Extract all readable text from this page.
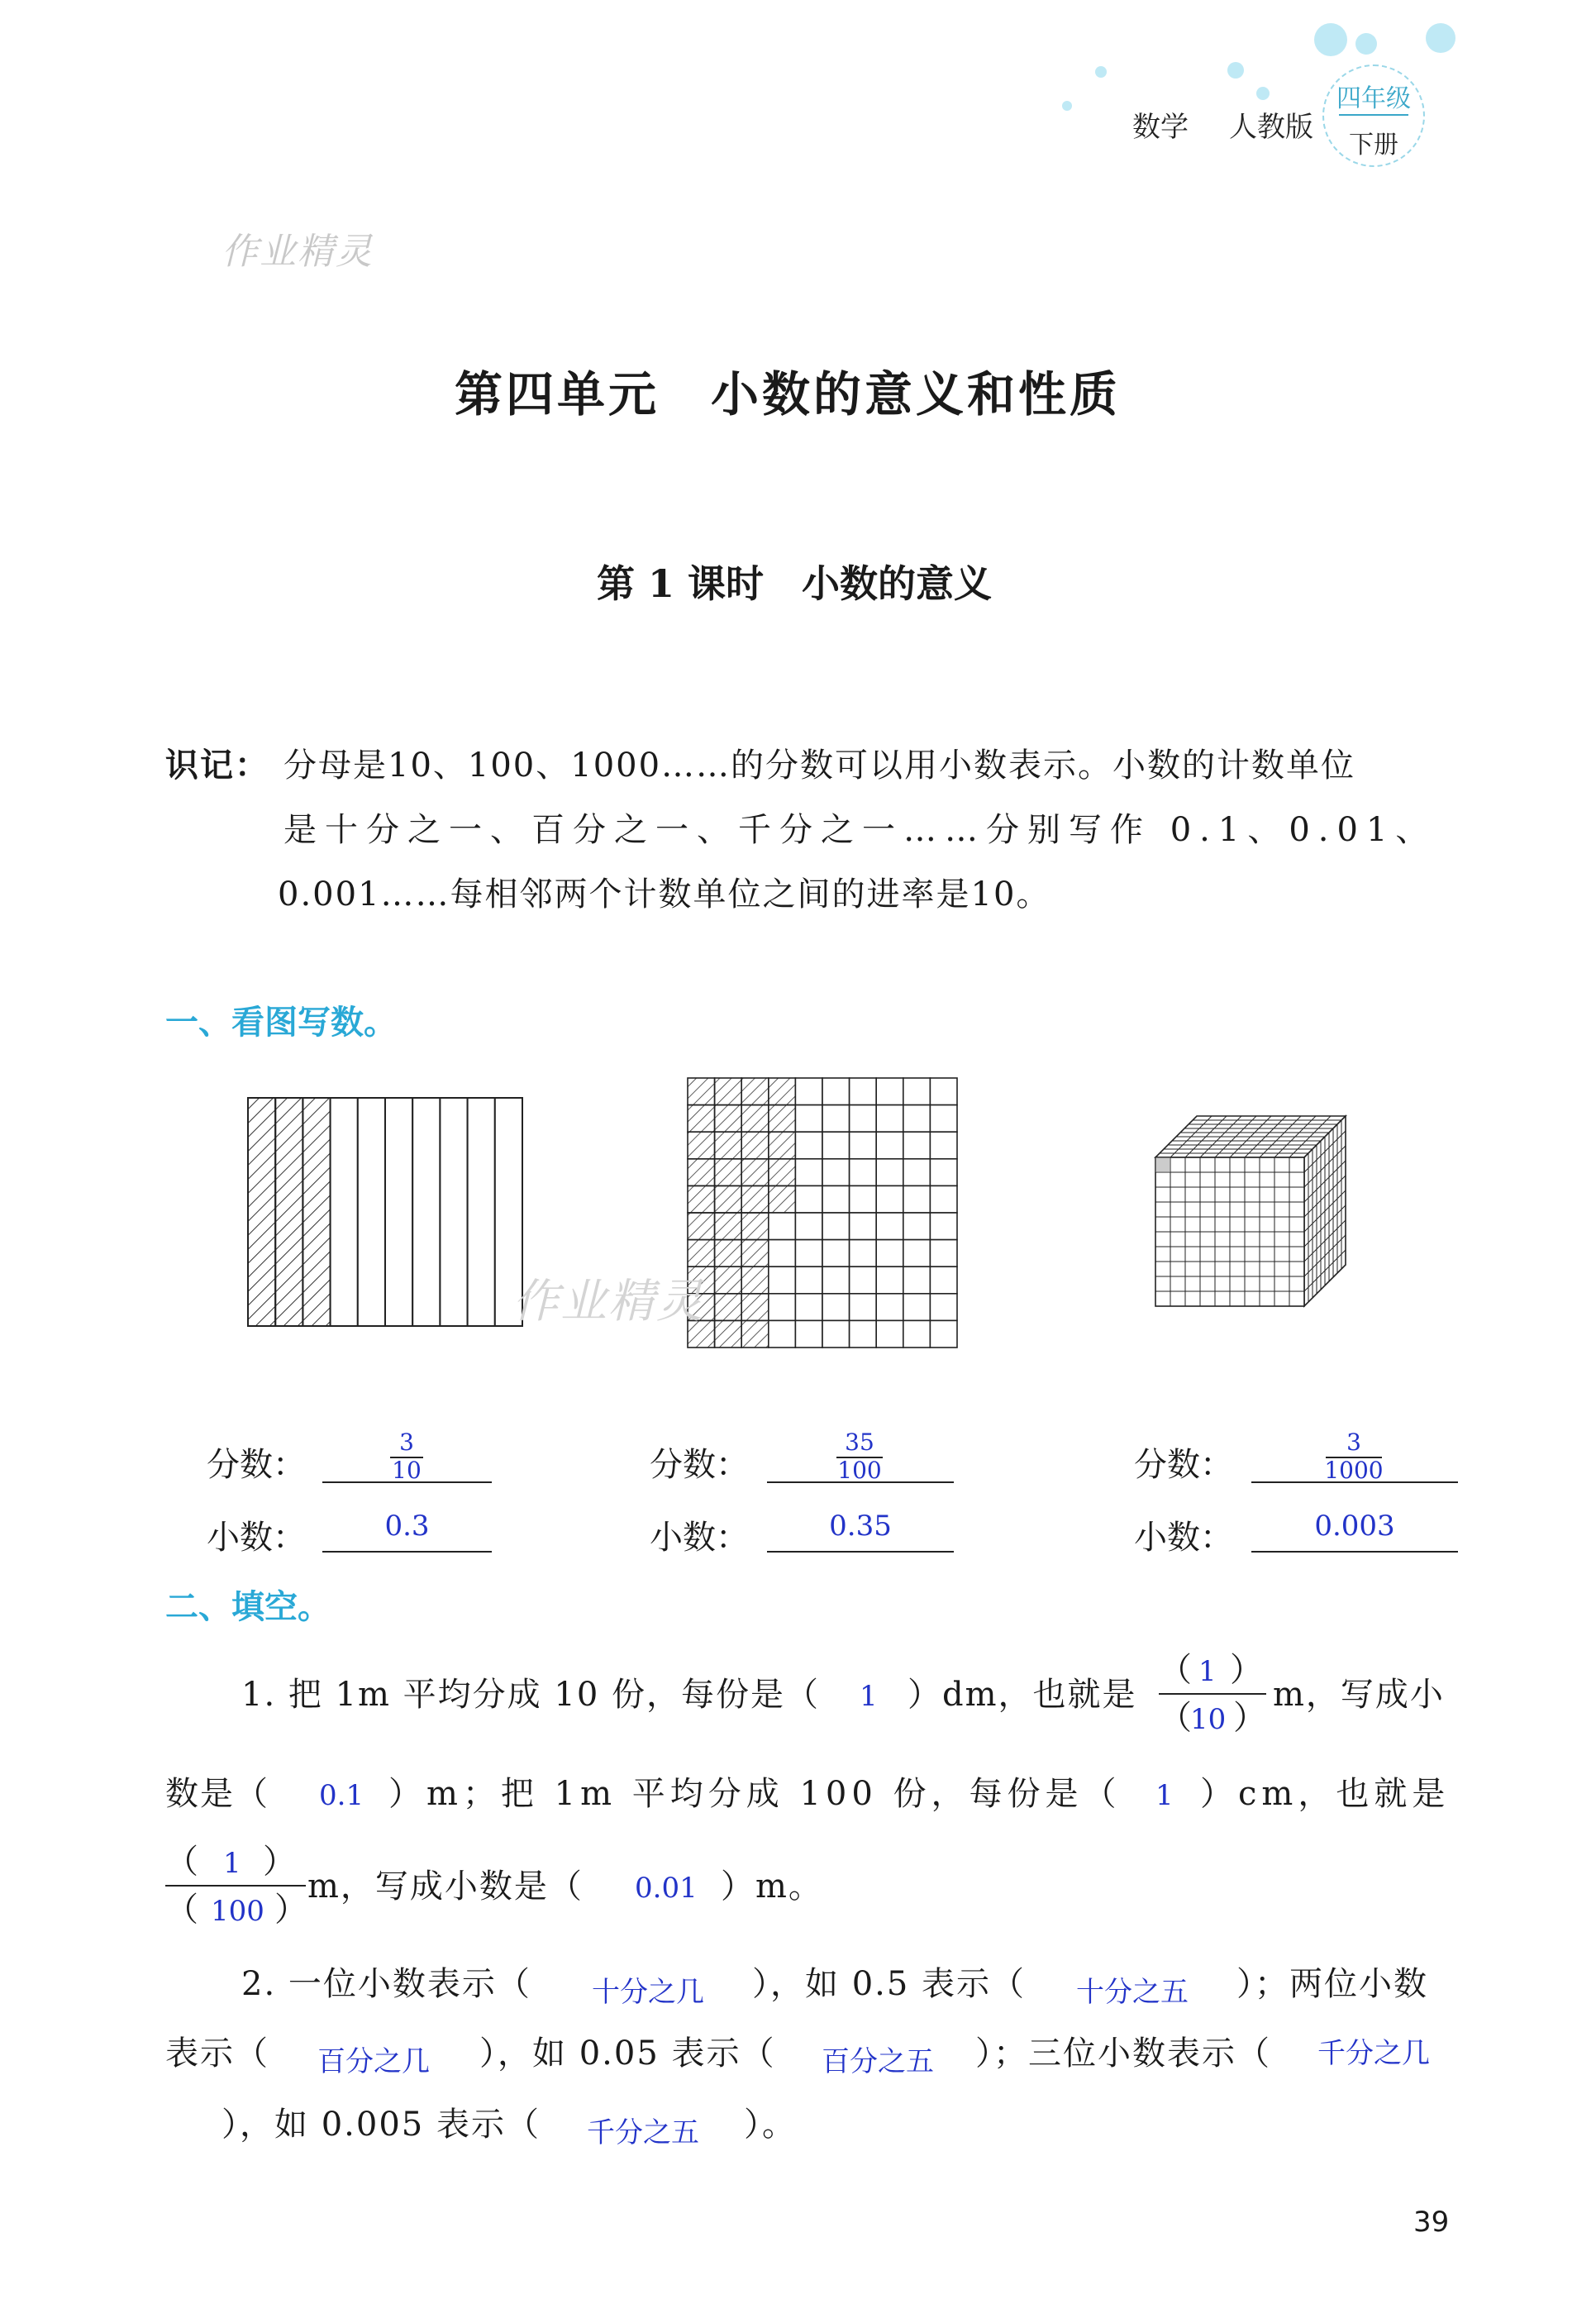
数学 人教版
四年级
下册
作业精灵
第四单元　小数的意义和性质
第 1 课时　小数的意义
识记： 分母是10、100、1000……的分数可以用小数表示。小数的计数单位
是十分之一、百分之一、千分之一……分别写作 0.1、0.01、
0.001……每相邻两个计数单位之间的进率是10。
一、看图写数。
作业精灵
分数：
3
10
小数：	0.3
分数：
35
100
小数：	0.35
分数：
3
1000
小数：	0.003
二、填空。
1. 把 1m 平均分成 10 份，每份是（ 1 ）dm，也就是
（ 1 ）
（
10 ）
m，写成小
数是（ 0.1 ）m；把 1m 平均分成 100 份，每份是（ 1 ）cm，也就是
（ 1 ）
（ 100 ）
m，写成小数是（ 0.01 ）m。
2. 一位小数表示（ 十分之几 ），如 0.5 表示（ 十分之五 ）；两位小数
表示（ 百分之几 ），如 0.05 表示（ 百分之五 ）；三位小数表示（ 千分之几
），如 0.005 表示（ 千分之五 ）。
39
